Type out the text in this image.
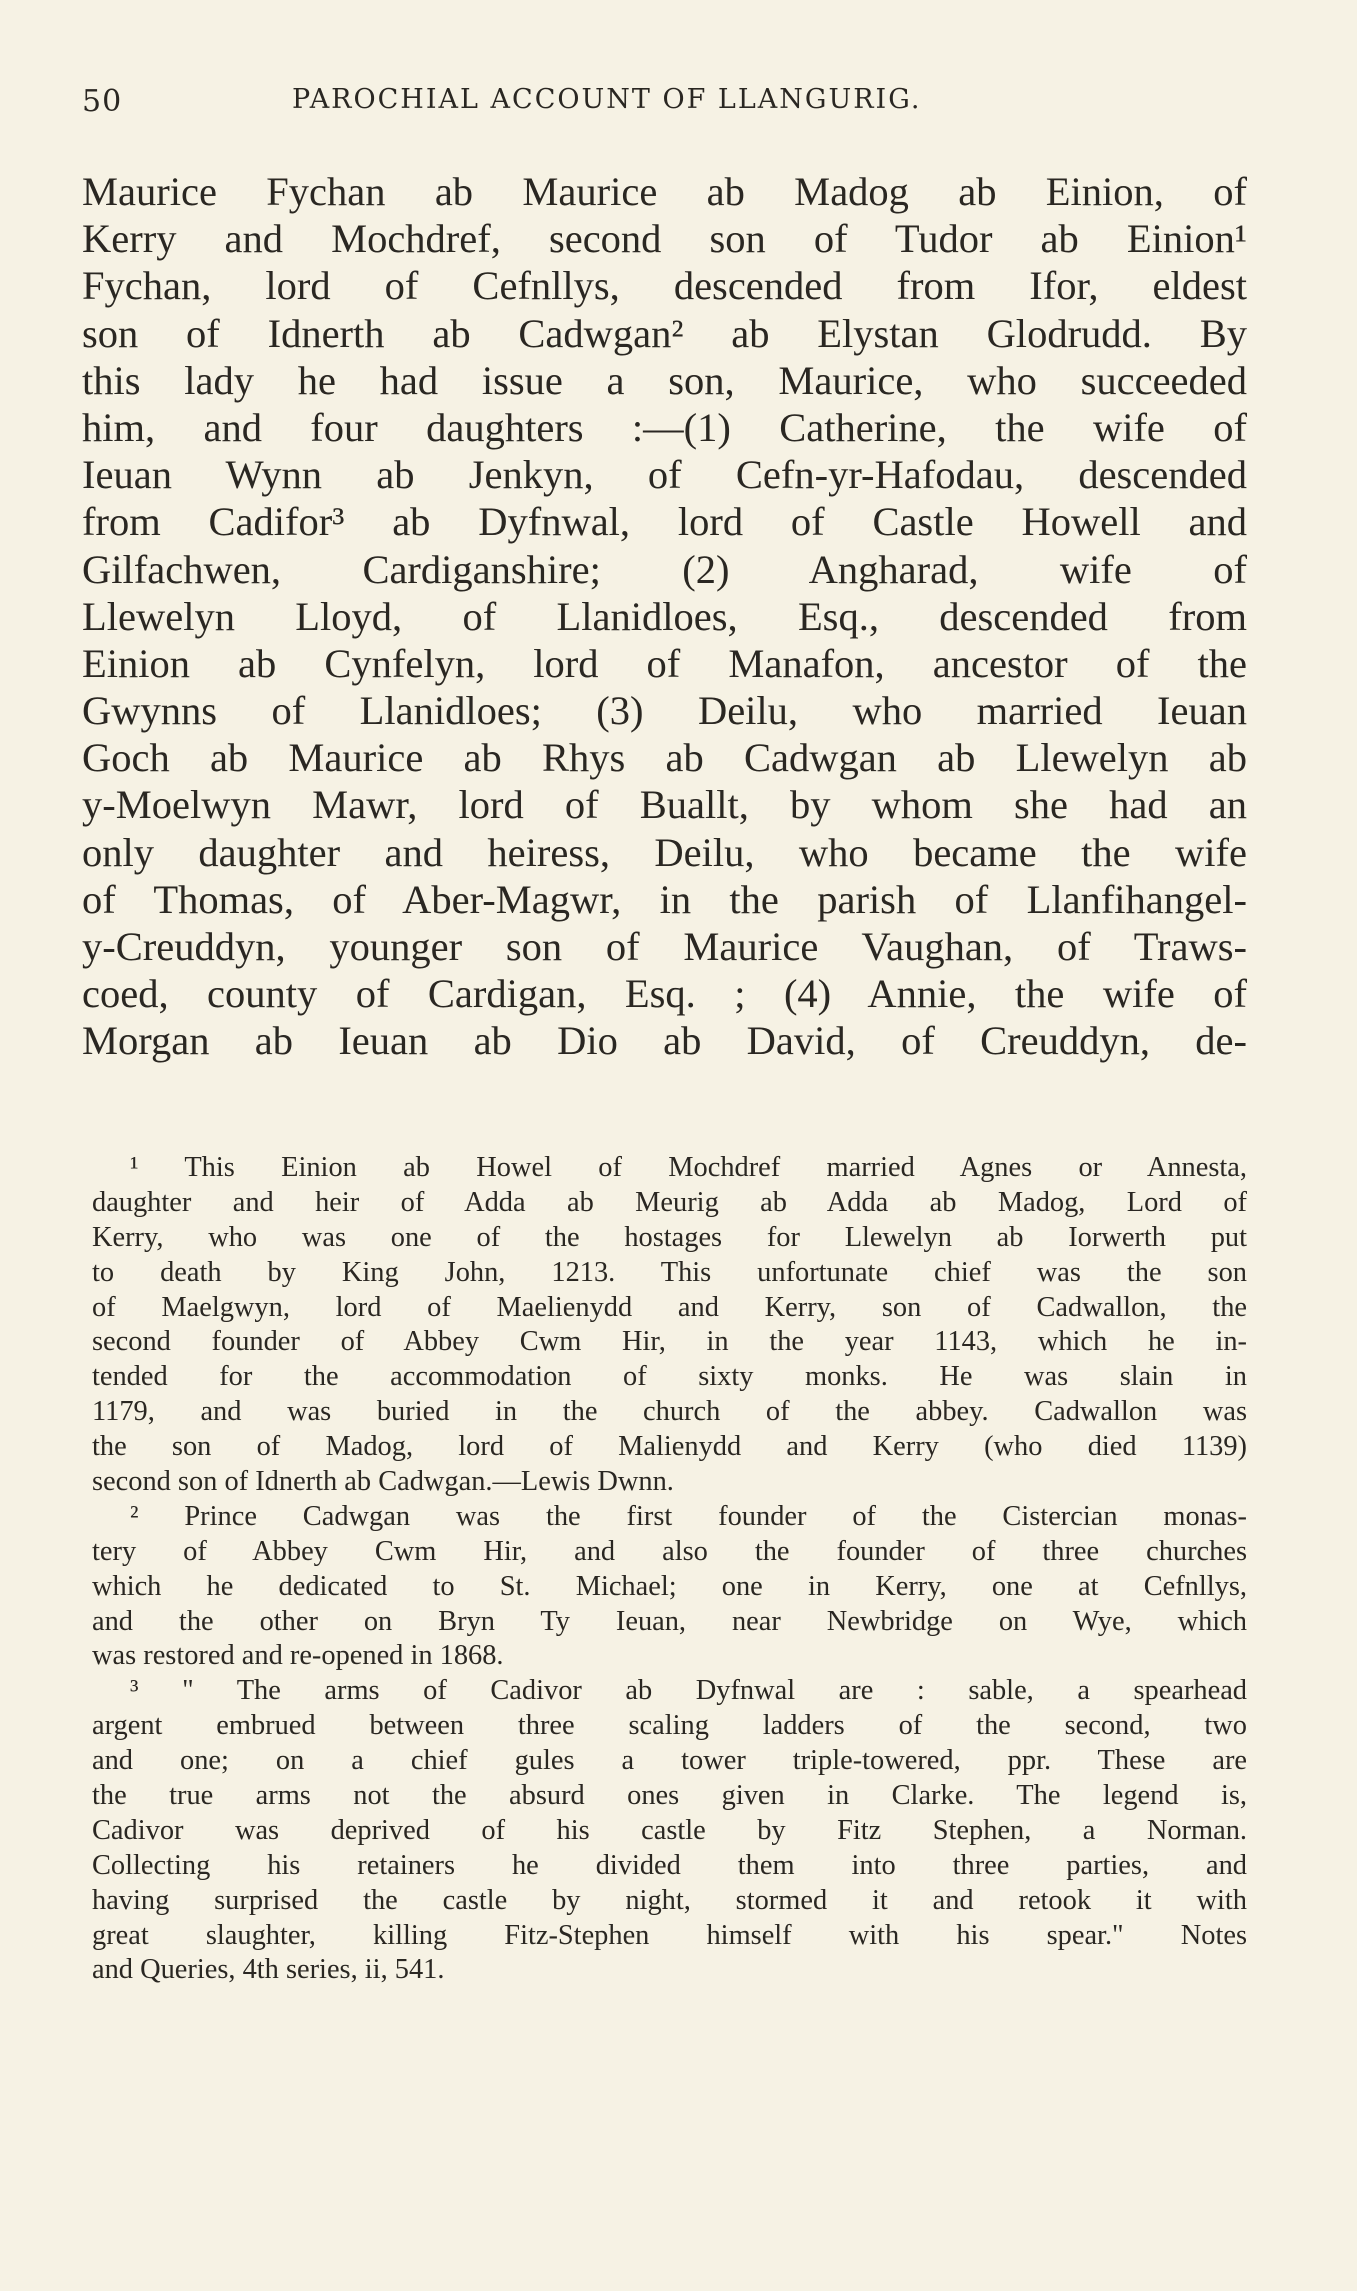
50	PAROCHIAL ACCOUNT OF LLANGURIG.
Maurice Fychan ab Maurice ab Madog ab Einion, of
Kerry and Mochdref, second son of Tudor ab Einion¹
Fychan, lord of Cefnllys, descended from Ifor, eldest
son of Idnerth ab Cadwgan² ab Elystan Glodrudd. By
this lady he had issue a son, Maurice, who succeeded
him, and four daughters :—(1) Catherine, the wife of
Ieuan Wynn ab Jenkyn, of Cefn-yr-Hafodau, descended
from Cadifor³ ab Dyfnwal, lord of Castle Howell and
Gilfachwen, Cardiganshire; (2) Angharad, wife of
Llewelyn Lloyd, of Llanidloes, Esq., descended from
Einion ab Cynfelyn, lord of Manafon, ancestor of the
Gwynns of Llanidloes; (3) Deilu, who married Ieuan
Goch ab Maurice ab Rhys ab Cadwgan ab Llewelyn ab
y-Moelwyn Mawr, lord of Buallt, by whom she had an
only daughter and heiress, Deilu, who became the wife
of Thomas, of Aber-Magwr, in the parish of Llanfihangel-
y-Creuddyn, younger son of Maurice Vaughan, of Traws-
coed, county of Cardigan, Esq. ; (4) Annie, the wife of
Morgan ab Ieuan ab Dio ab David, of Creuddyn, de-
¹ This Einion ab Howel of Mochdref married Agnes or Annesta,
daughter and heir of Adda ab Meurig ab Adda ab Madog, Lord of
Kerry, who was one of the hostages for Llewelyn ab Iorwerth put
to death by King John, 1213. This unfortunate chief was the son
of Maelgwyn, lord of Maelienydd and Kerry, son of Cadwallon, the
second founder of Abbey Cwm Hir, in the year 1143, which he in-
tended for the accommodation of sixty monks. He was slain in
1179, and was buried in the church of the abbey. Cadwallon was
the son of Madog, lord of Malienydd and Kerry (who died 1139)
second son of Idnerth ab Cadwgan.—Lewis Dwnn.
² Prince Cadwgan was the first founder of the Cistercian monas-
tery of Abbey Cwm Hir, and also the founder of three churches
which he dedicated to St. Michael; one in Kerry, one at Cefnllys,
and the other on Bryn Ty Ieuan, near Newbridge on Wye, which
was restored and re-opened in 1868.
³ " The arms of Cadivor ab Dyfnwal are : sable, a spearhead
argent embrued between three scaling ladders of the second, two
and one; on a chief gules a tower triple-towered, ppr. These are
the true arms not the absurd ones given in Clarke. The legend is,
Cadivor was deprived of his castle by Fitz Stephen, a Norman.
Collecting his retainers he divided them into three parties, and
having surprised the castle by night, stormed it and retook it with
great slaughter, killing Fitz-Stephen himself with his spear." Notes
and Queries, 4th series, ii, 541.
